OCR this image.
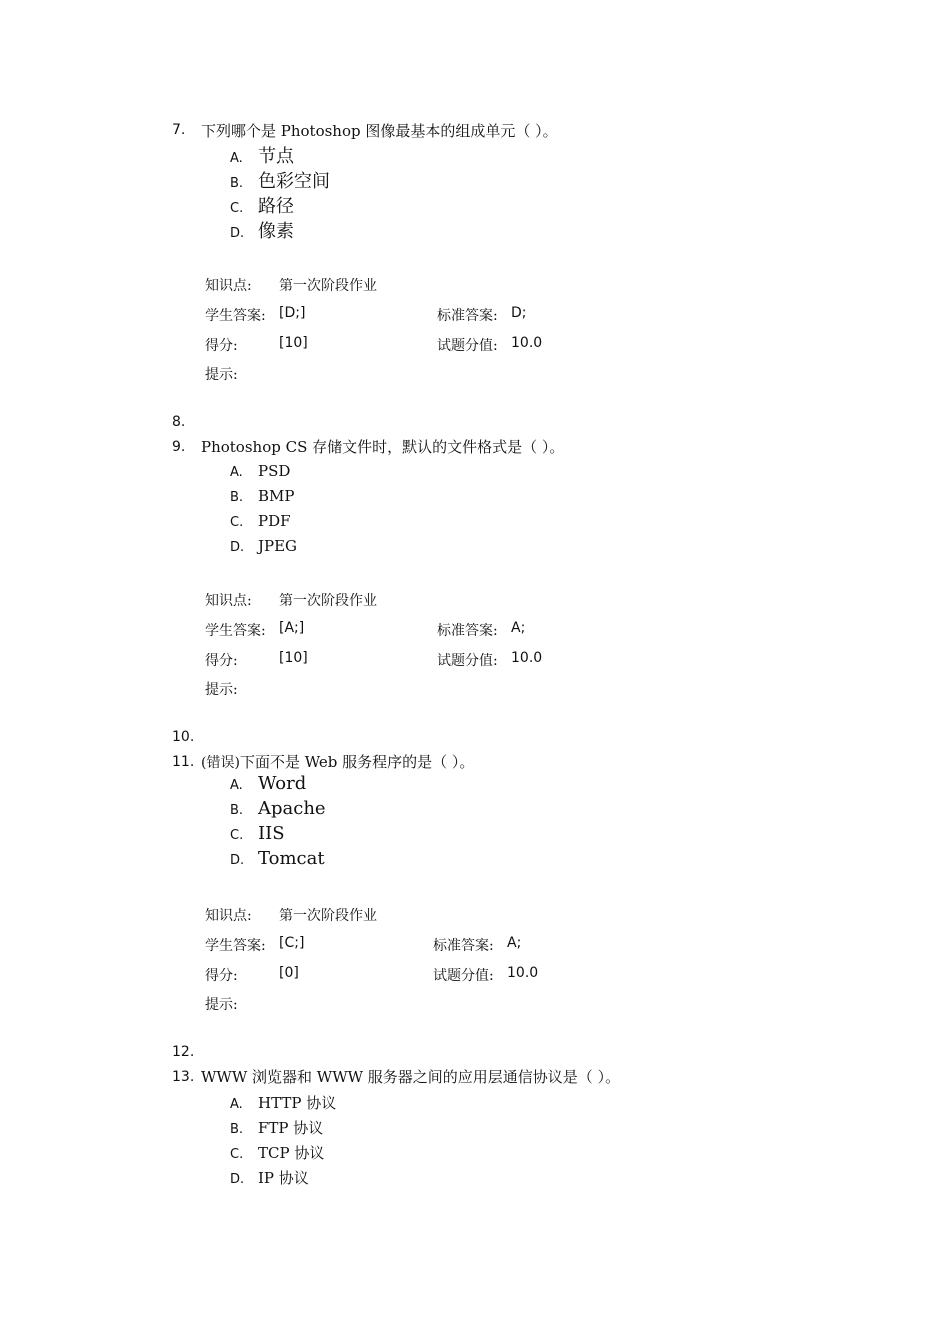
7. 下列哪个是 Photoshop 图像最基本的组成单元（ ）。
A. 节点
B. 色彩空间
C. 路径
D. 像素
知识点: 第一次阶段作业
学生答案: [D;]	标准答案: D;
得分:	[10]	试题分值: 10.0
提示:
8.
9. Photoshop CS 存储文件时，默认的文件格式是（ ）。
A. PSD
B. BMP
C. PDF
D. JPEG
知识点: 第一次阶段作业
学生答案: [A;]	标准答案: A;
得分:	[10]	试题分值: 10.0
提示:
10.
11. (错误)下面不是 Web 服务程序的是（ ）。
A. Word
B. Apache
C. IIS
D. Tomcat
知识点: 第一次阶段作业
学生答案: [C;]	标准答案: A;
得分:	[0]	试题分值: 10.0
提示:
12.
13. WWW 浏览器和 WWW 服务器之间的应用层通信协议是（ ）。
A. HTTP 协议
B. FTP 协议
C. TCP 协议
D. IP 协议
